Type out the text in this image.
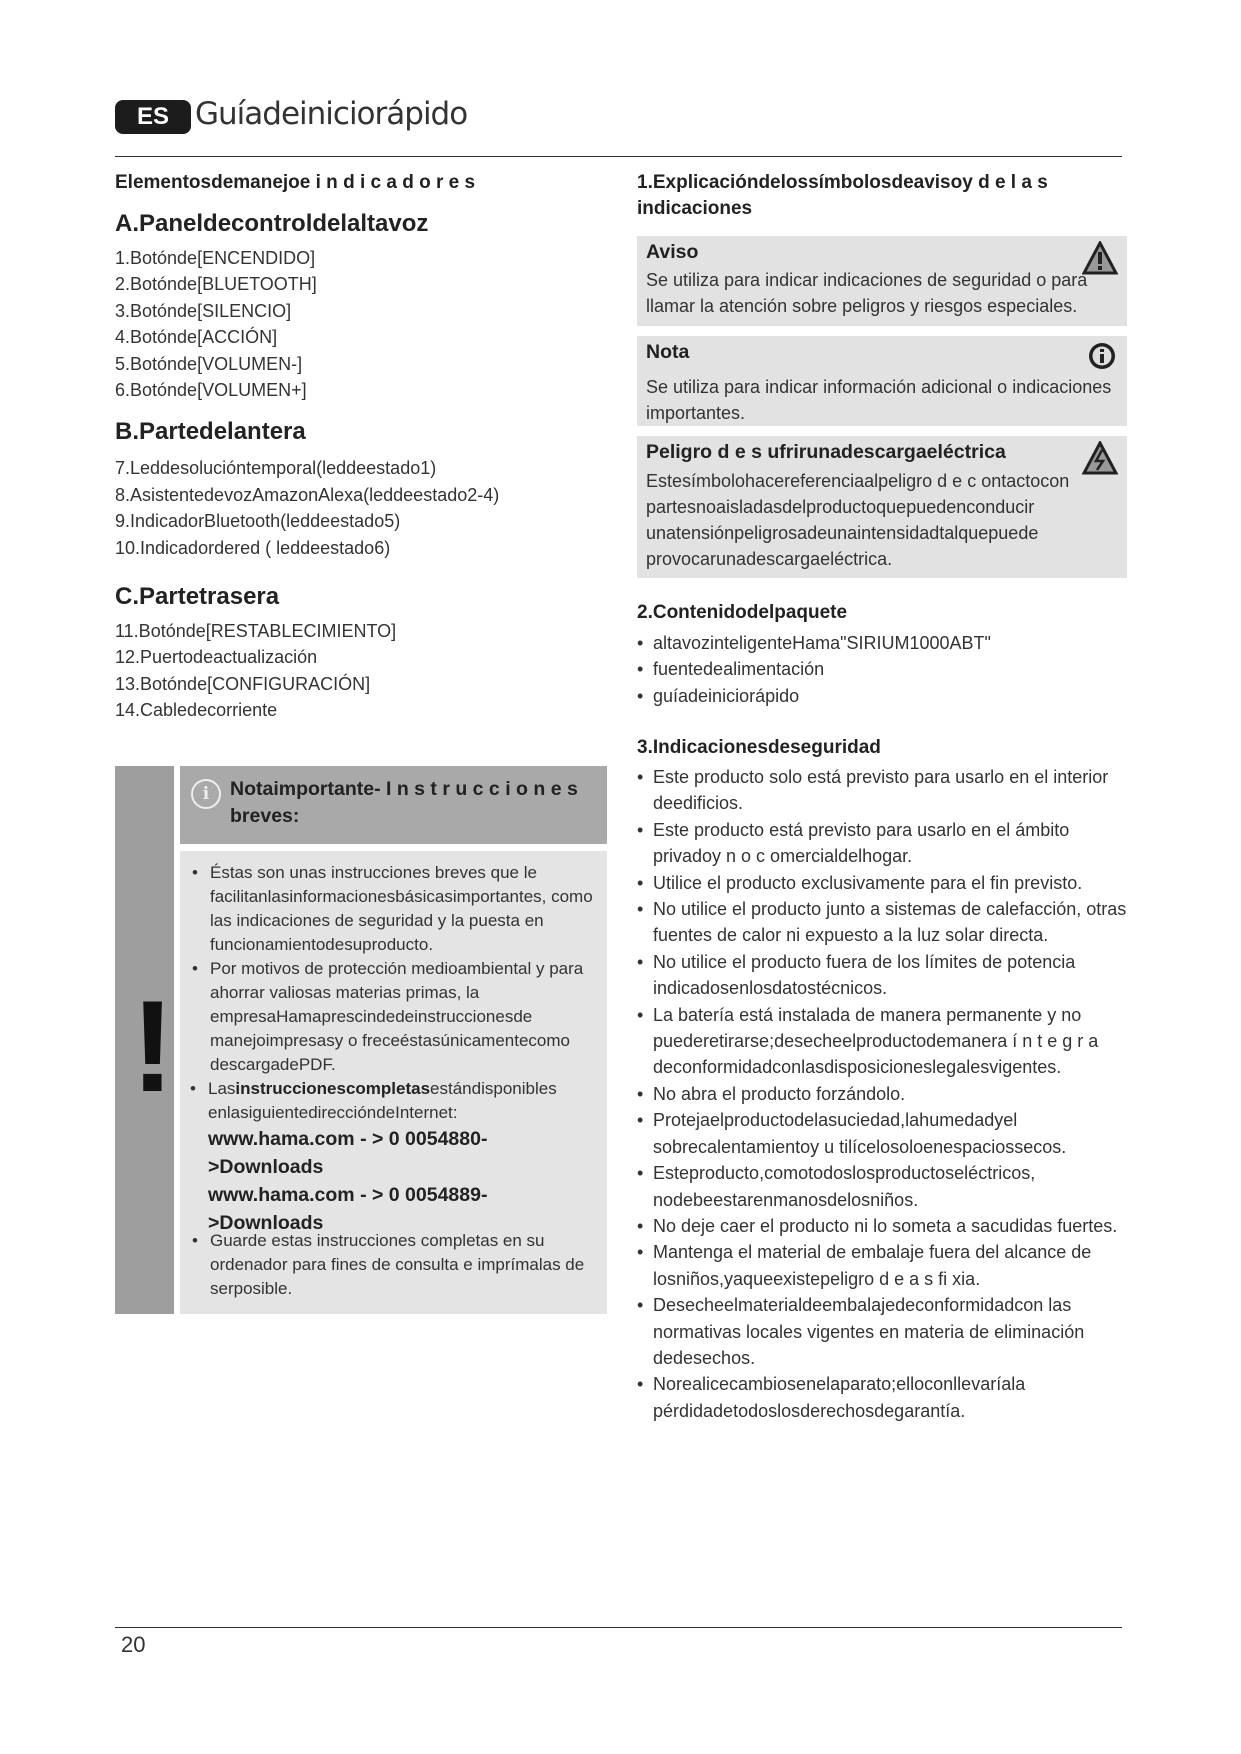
ES Guíadeiniciorápido
Elementosdemanejoe i n d i c a d o r e s
A.Paneldecontroldelaltavoz
1.Botónde[ENCENDIDO]
2.Botónde[BLUETOOTH]
3.Botónde[SILENCIO]
4.Botónde[ACCIÓN]
5.Botónde[VOLUMEN-]
6.Botónde[VOLUMEN+]
B.Partedelantera
7.Leddesolucióntemporal(leddeestado1)
8.AsistentedevozAmazonAlexa(leddeestado2-4)
9.IndicadorBluetooth(leddeestado5)
10.Indicadordered ( leddeestado6)
C.Partetrasera
11.Botónde[RESTABLECIMIENTO]
12.Puertodeactualización
13.Botónde[CONFIGURACIÓN]
14.Cabledecorriente
!
i	Notaimportante- I n s t r u c c i o n e s breves:
• Éstas son unas instrucciones breves que le facilitanlasinformacionesbásicasimportantes, como las indicaciones de seguridad y la puesta en funcionamientodesuproducto.
• Por motivos de protección medioambiental y para ahorrar valiosas materias primas, la empresaHamaprescindedeinstruccionesde manejoimpresasy o freceéstasúnicamentecomo descargadePDF.
• Lasinstruccionescompletasestándisponibles enlasiguientedireccióndeInternet:
www.hama.com - > 0 0054880->Downloads
www.hama.com - > 0 0054889->Downloads
• Guarde estas instrucciones completas en su ordenador para fines de consulta e imprímalas de serposible.
1.Explicacióndelossímbolosdeavisoy d e l a s indicaciones
Aviso
Se utiliza para indicar indicaciones de seguridad o para llamar la atención sobre peligros y riesgos especiales.
Nota
Se utiliza para indicar información adicional o indicaciones importantes.
Peligro d e s ufrirunadescargaeléctrica
Estesímbolohacereferenciaalpeligro d e c ontactocon partesnoaisladasdelproductoquepuedenconducir unatensiónpeligrosadeunaintensidadtalquepuede provocarunadescargaeléctrica.
2.Contenidodelpaquete
• altavozinteligenteHama"SIRIUM1000ABT"
• fuentedealimentación
• guíadeiniciorápido
3.Indicacionesdeseguridad
• Este producto solo está previsto para usarlo en el interior deedificios.
• Este producto está previsto para usarlo en el ámbito privadoy n o c omercialdelhogar.
• Utilice el producto exclusivamente para el fin previsto.
• No utilice el producto junto a sistemas de calefacción, otras fuentes de calor ni expuesto a la luz solar directa.
• No utilice el producto fuera de los límites de potencia indicadosenlosdatostécnicos.
• La batería está instalada de manera permanente y no puederetirarse;desecheelproductodemanera í n t e g r a deconformidadconlasdisposicioneslegalesvigentes.
• No abra el producto forzándolo.
• Protejaelproductodelasuciedad,lahumedadyel sobrecalentamientoy u tilícelosoloenespaciossecos.
• Esteproducto,comotodoslosproductoseléctricos, nodebeestarenmanosdelosniños.
• No deje caer el producto ni lo someta a sacudidas fuertes.
• Mantenga el material de embalaje fuera del alcance de losniños,yaqueexistepeligro d e a s fi xia.
• Desecheelmaterialdeembalajedeconformidadcon las normativas locales vigentes en materia de eliminación dedesechos.
• Norealicecambiosenelaparato;elloconllevaríala pérdidadetodoslosderechosdegarantía.
20
